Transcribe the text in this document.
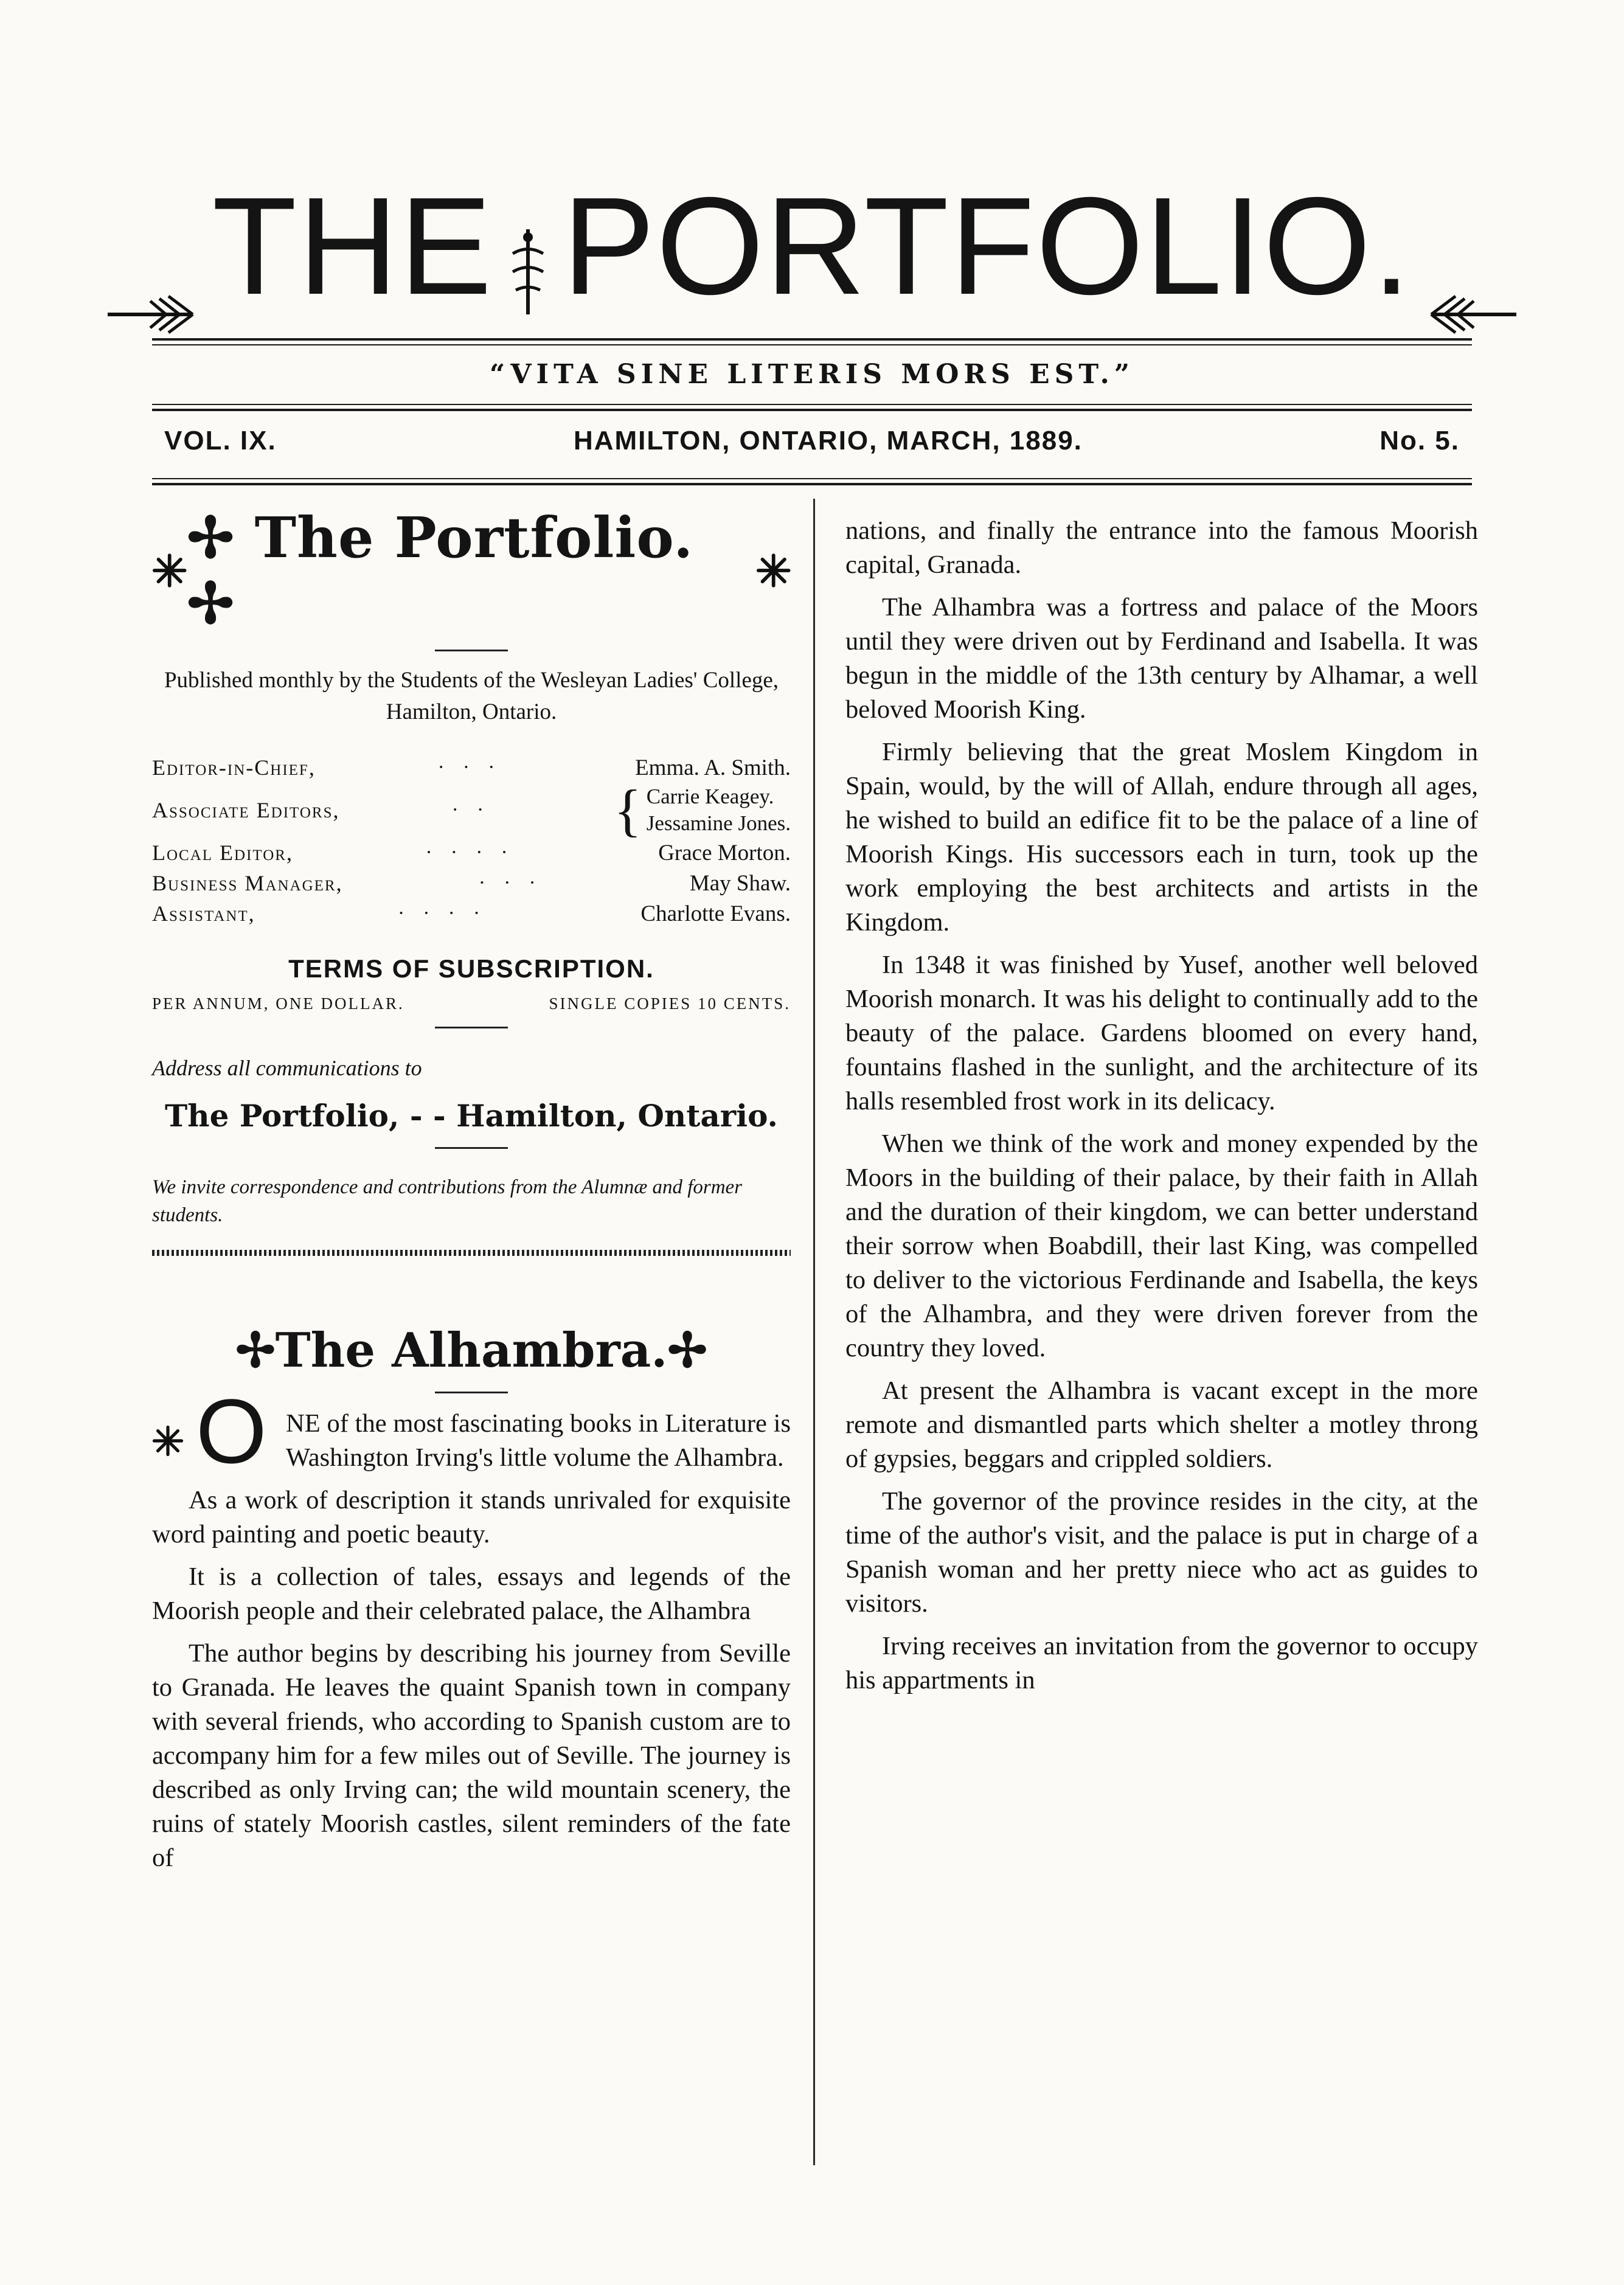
THE PORTFOLIO.
“VITA SINE LITERIS MORS EST.”
VOL. IX.	HAMILTON, ONTARIO, MARCH, 1889.	No. 5.
✢ The Portfolio. ✢
Published monthly by the Students of the Wesleyan Ladies' College, Hamilton, Ontario.
Editor-in-Chief,	···	Emma. A. Smith.
Associate Editors,	··	{ Carrie Keagey.
Jessamine Jones.
Local Editor,	····	Grace Morton.
Business Manager,	···	May Shaw.
Assistant,	····	Charlotte Evans.
TERMS OF SUBSCRIPTION.
PER ANNUM, ONE DOLLAR.	SINGLE COPIES 10 CENTS.
Address all communications to
The Portfolio, - - Hamilton, Ontario.
We invite correspondence and contributions from the Alumnæ and former students.
✢The Alhambra.✢

O NE of the most fascinating books in Literature is Washington Irving's little volume the Alhambra.

As a work of description it stands unrivaled for exquisite word painting and poetic beauty.

It is a collection of tales, essays and legends of the Moorish people and their celebrated palace, the Alhambra

The author begins by describing his journey from Seville to Granada. He leaves the quaint Spanish town in company with several friends, who according to Spanish custom are to accompany him for a few miles out of Seville. The journey is described as only Irving can; the wild mountain scenery, the ruins of stately Moorish castles, silent reminders of the fate of

nations, and finally the entrance into the famous Moorish capital, Granada.

The Alhambra was a fortress and palace of the Moors until they were driven out by Ferdinand and Isabella. It was begun in the middle of the 13th century by Alhamar, a well beloved Moorish King.

Firmly believing that the great Moslem Kingdom in Spain, would, by the will of Allah, endure through all ages, he wished to build an edifice fit to be the palace of a line of Moorish Kings. His successors each in turn, took up the work employing the best architects and artists in the Kingdom.

In 1348 it was finished by Yusef, another well beloved Moorish monarch. It was his delight to continually add to the beauty of the palace. Gardens bloomed on every hand, fountains flashed in the sunlight, and the architecture of its halls resembled frost work in its delicacy.

When we think of the work and money expended by the Moors in the building of their palace, by their faith in Allah and the duration of their kingdom, we can better understand their sorrow when Boabdill, their last King, was compelled to deliver to the victorious Ferdinande and Isabella, the keys of the Alhambra, and they were driven forever from the country they loved.

At present the Alhambra is vacant except in the more remote and dismantled parts which shelter a motley throng of gypsies, beggars and crippled soldiers.

The governor of the province resides in the city, at the time of the author's visit, and the palace is put in charge of a Spanish woman and her pretty niece who act as guides to visitors.

Irving receives an invitation from the governor to occupy his appartments in
